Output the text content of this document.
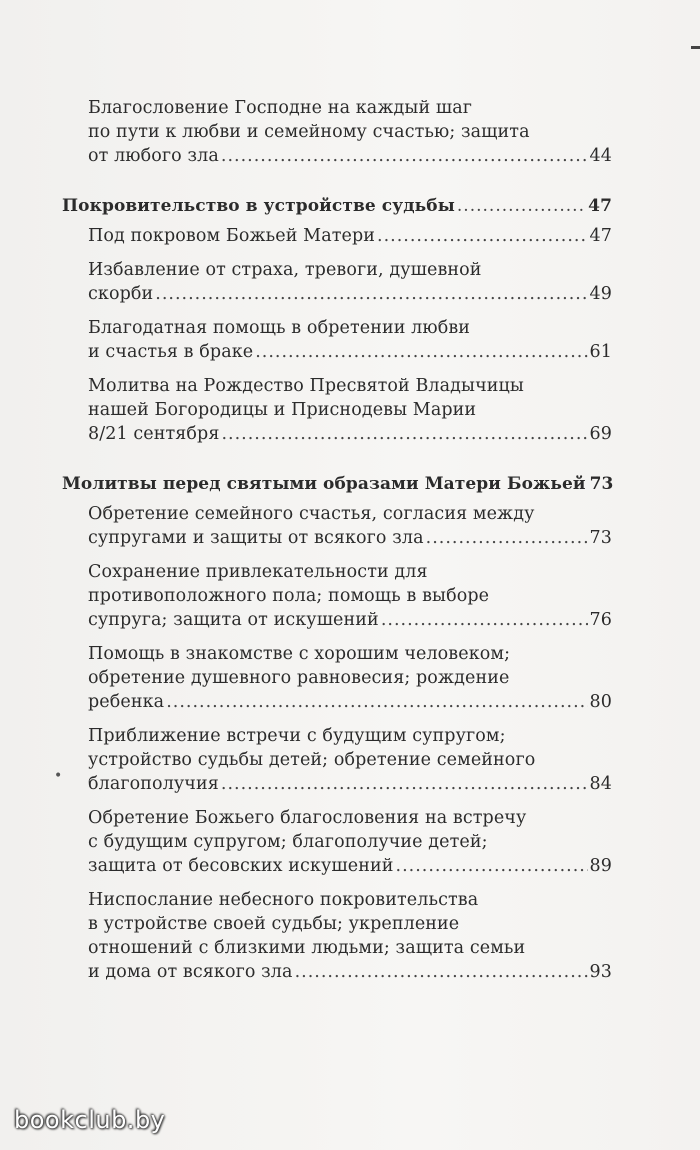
Благословение Господне на каждый шаг
по пути к любви и семейному счастью; защита
от любого зла .....	44
Покровительство в устройстве судьбы .....	47
Под покровом Божьей Матери .....	47
Избавление от страха, тревоги, душевной
скорби .....	49
Благодатная помощь в обретении любви
и счастья в браке .....	61
Молитва на Рождество Пресвятой Владычицы
нашей Богородицы и Приснодевы Марии
8/21 сентября .....	69
Молитвы перед святыми образами Матери Божьей 73
Обретение семейного счастья, согласия между
супругами и защиты от всякого зла .....	73
Сохранение привлекательности для
противоположного пола; помощь в выборе
супруга; защита от искушений .....	76
Помощь в знакомстве с хорошим человеком;
обретение душевного равновесия; рождение
ребенка .....	80
Приближение встречи с будущим супругом;
устройство судьбы детей; обретение семейного
благополучия .....	84
Обретение Божьего благословения на встречу
с будущим супругом; благополучие детей;
защита от бесовских искушений .....	89
Ниспослание небесного покровительства
в устройстве своей судьбы; укрепление
отношений с близкими людьми; защита семьи
и дома от всякого зла .....	93
•
bookclub.by
